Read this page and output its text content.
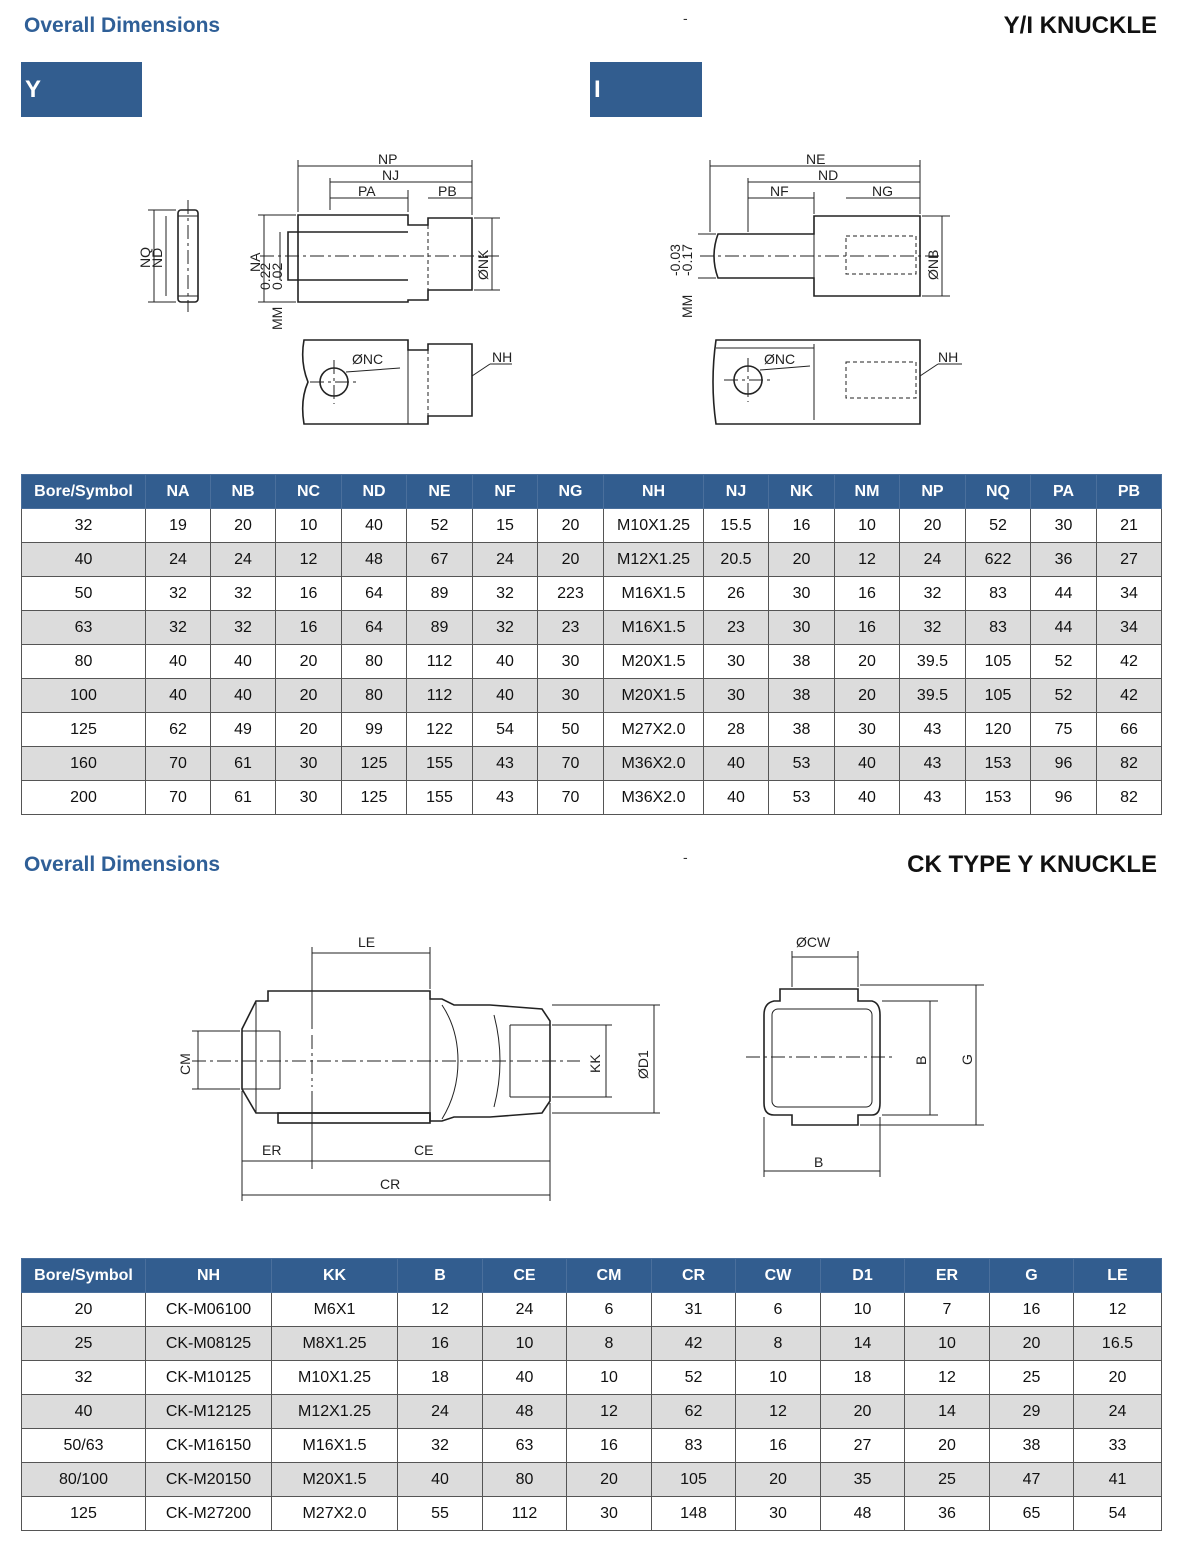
Overall Dimensions	-	Y/I KNUCKLE
Y	I
NQ
ND
NP
NJ
PA	PB
NA
0.22
0.02
MM
ØNK
ØNC	NH
NE
ND
NF	NG
-0.03
-0.17
MM
ØNB
ØNC	NH
Bore/Symbol	NA	NB	NC	ND	NE	NF	NG	NH	NJ	NK	NM	NP	NQ	PA	PB
32	19	20	10	40	52	15	20	M10X1.25	15.5	16	10	20	52	30	21
40	24	24	12	48	67	24	20	M12X1.25	20.5	20	12	24	622	36	27
50	32	32	16	64	89	32	223	M16X1.5	26	30	16	32	83	44	34
63	32	32	16	64	89	32	23	M16X1.5	23	30	16	32	83	44	34
80	40	40	20	80	112	40	30	M20X1.5	30	38	20	39.5	105	52	42
100	40	40	20	80	112	40	30	M20X1.5	30	38	20	39.5	105	52	42
125	62	49	20	99	122	54	50	M27X2.0	28	38	30	43	120	75	66
160	70	61	30	125	155	43	70	M36X2.0	40	53	40	43	153	96	82
200	70	61	30	125	155	43	70	M36X2.0	40	53	40	43	153	96	82
Overall Dimensions	-	CK TYPE Y KNUCKLE
LE
CM	KK ØD1
ER	CE
CR
ØCW
B G
B
Bore/Symbol	NH	KK	B	CE	CM	CR	CW	D1	ER	G	LE
20	CK-M06100	M6X1	12	24	6	31	6	10	7	16	12
25	CK-M08125	M8X1.25	16	10	8	42	8	14	10	20	16.5
32	CK-M10125	M10X1.25	18	40	10	52	10	18	12	25	20
40	CK-M12125	M12X1.25	24	48	12	62	12	20	14	29	24
50/63	CK-M16150	M16X1.5	32	63	16	83	16	27	20	38	33
80/100	CK-M20150	M20X1.5	40	80	20	105	20	35	25	47	41
125	CK-M27200	M27X2.0	55	112	30	148	30	48	36	65	54
